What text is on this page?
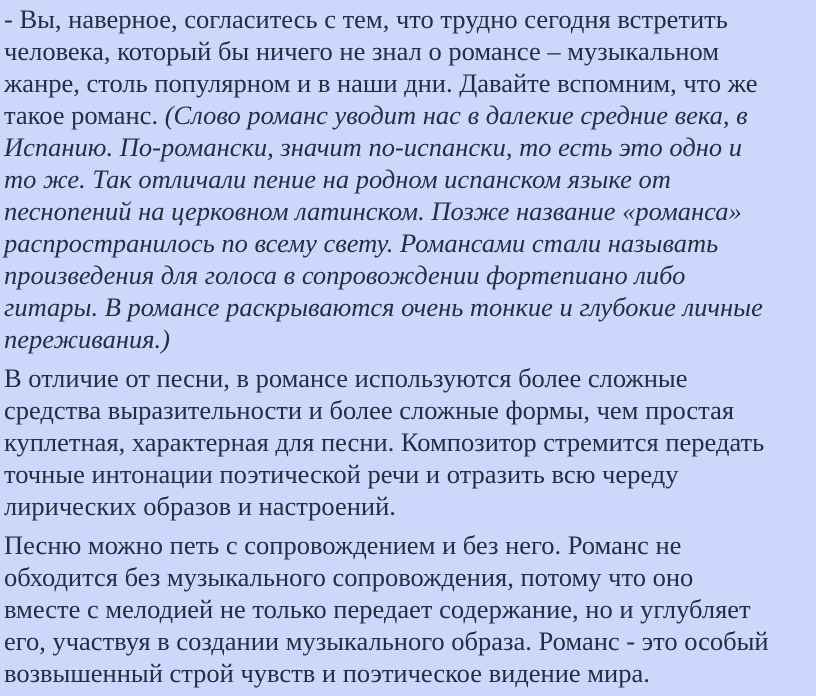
- Вы, наверное, согласитесь с тем, что трудно сегодня встретить
человека, который бы ничего не знал о романсе – музыкальном
жанре, столь популярном и в наши дни. Давайте вспомним, что же
такое романс. (Слово романс уводит нас в далекие средние века, в
Испанию. По-романски, значит по-испански, то есть это одно и
то же. Так отличали пение на родном испанском языке от
песнопений на церковном латинском. Позже название «романса»
распространилось по всему свету. Романсами стали называть
произведения для голоса в сопровождении фортепиано либо
гитары. В романсе раскрываются очень тонкие и глубокие личные
переживания.)
В отличие от песни, в романсе используются более сложные
средства выразительности и более сложные формы, чем простая
куплетная, характерная для песни. Композитор стремится передать
точные интонации поэтической речи и отразить всю череду
лирических образов и настроений.
Песню можно петь с сопровождением и без него. Романс не
обходится без музыкального сопровождения, потому что оно
вместе с мелодией не только передает содержание, но и углубляет
его, участвуя в создании музыкального образа. Романс - это особый
возвышенный строй чувств и поэтическое видение мира.
